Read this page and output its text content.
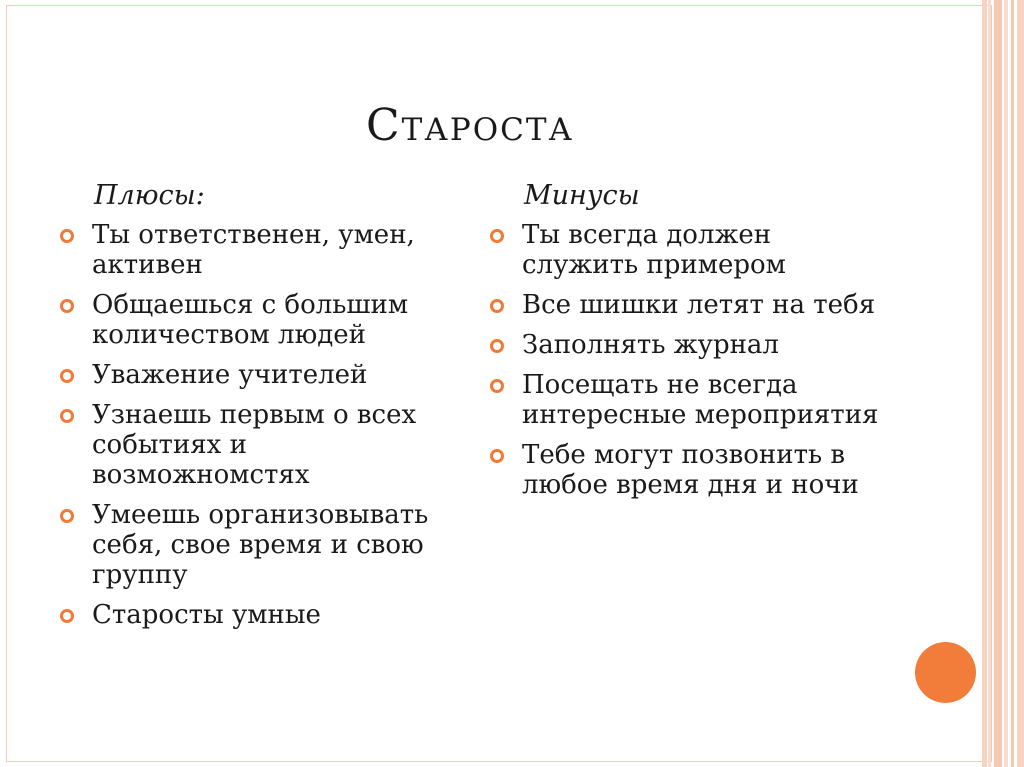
Староста
Плюсы:
Ты ответственен, умен, активен
Общаешься с большим количеством людей
Уважение учителей
Узнаешь первым о всех событиях и возможномстях
Умеешь организовывать себя, свое время и свою группу
Старосты умные
Минусы
Ты всегда должен служить примером
Все шишки летят на тебя
Заполнять журнал
Посещать не всегда интересные мероприятия
Тебе могут позвонить в любое время дня и ночи
